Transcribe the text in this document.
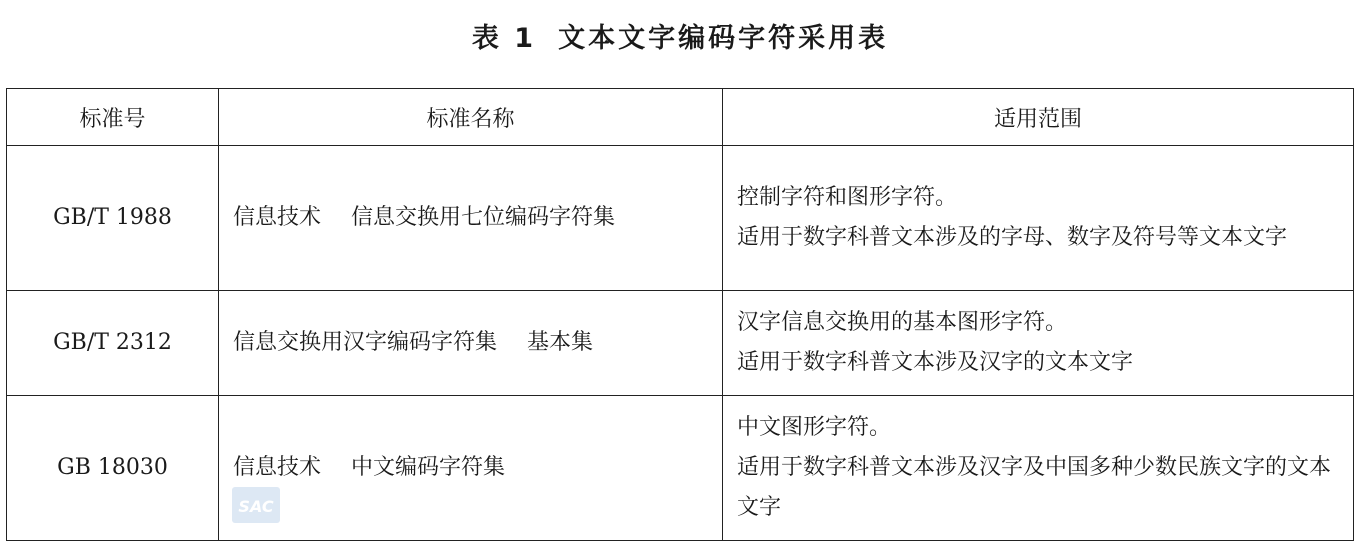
表 1 文本文字编码字符采用表
标准号	标准名称	适用范围
GB/T 1988	信息技术 信息交换用七位编码字符集	控制字符和图形字符。
适用于数字科普文本涉及的字母、数字及符号等文本文字

GB/T 2312	信息交换用汉字编码字符集 基本集	汉字信息交换用的基本图形字符。
适用于数字科普文本涉及汉字的文本文字

GB 18030	信息技术 中文编码字符集	中文图形字符。
适用于数字科普文本涉及汉字及中国多种少数民族文字的文本文字
SAC
